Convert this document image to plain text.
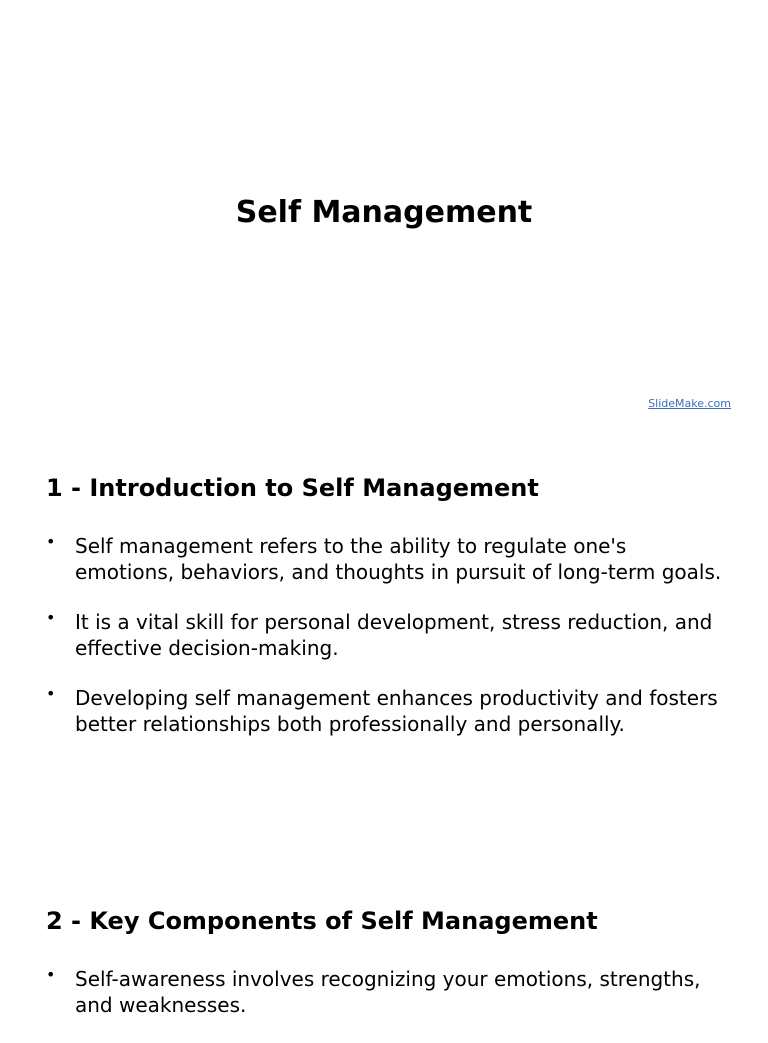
Self Management
SlideMake.com
1 - Introduction to Self Management
• Self management refers to the ability to regulate one's emotions, behaviors, and thoughts in pursuit of long-term goals.
• It is a vital skill for personal development, stress reduction, and effective decision-making.
• Developing self management enhances productivity and fosters better relationships both professionally and personally.
2 - Key Components of Self Management
• Self-awareness involves recognizing your emotions, strengths, and weaknesses.
